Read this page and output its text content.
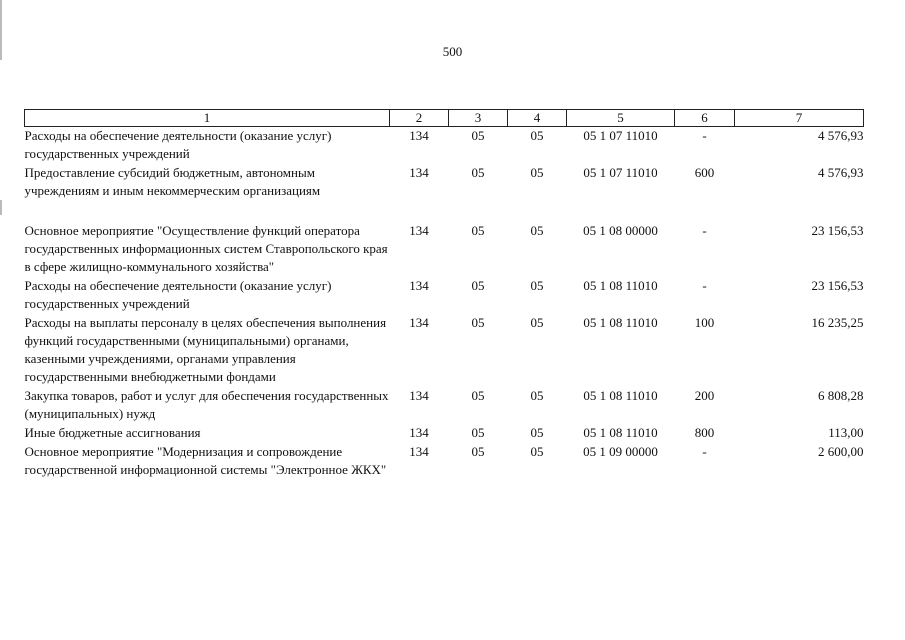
500
1	2	3	4	5	6	7
Расходы на обеспечение деятельности (оказание услуг) государственных учреждений	134	05	05	05 1 07 11010	-	4 576,93
Предоставление субсидий бюджетным, автономным учреждениям и иным некоммерческим организациям	134	05	05	05 1 07 11010	600	4 576,93

Основное мероприятие "Осуществление функций оператора государственных информационных систем Ставропольского края в сфере жилищно-коммунального хозяйства"	134	05	05	05 1 08 00000	-	23 156,53
Расходы на обеспечение деятельности (оказание услуг) государственных учреждений	134	05	05	05 1 08 11010	-	23 156,53
Расходы на выплаты персоналу в целях обеспечения выполнения функций государственными (муниципальными) органами, казенными учреждениями, органами управления государственными внебюджетными фондами	134	05	05	05 1 08 11010	100	16 235,25
Закупка товаров, работ и услуг для обеспечения государственных (муниципальных) нужд	134	05	05	05 1 08 11010	200	6 808,28
Иные бюджетные ассигнования	134	05	05	05 1 08 11010	800	113,00
Основное мероприятие "Модернизация и сопровождение государственной информационной системы "Электронное ЖКХ"	134	05	05	05 1 09 00000	-	2 600,00
